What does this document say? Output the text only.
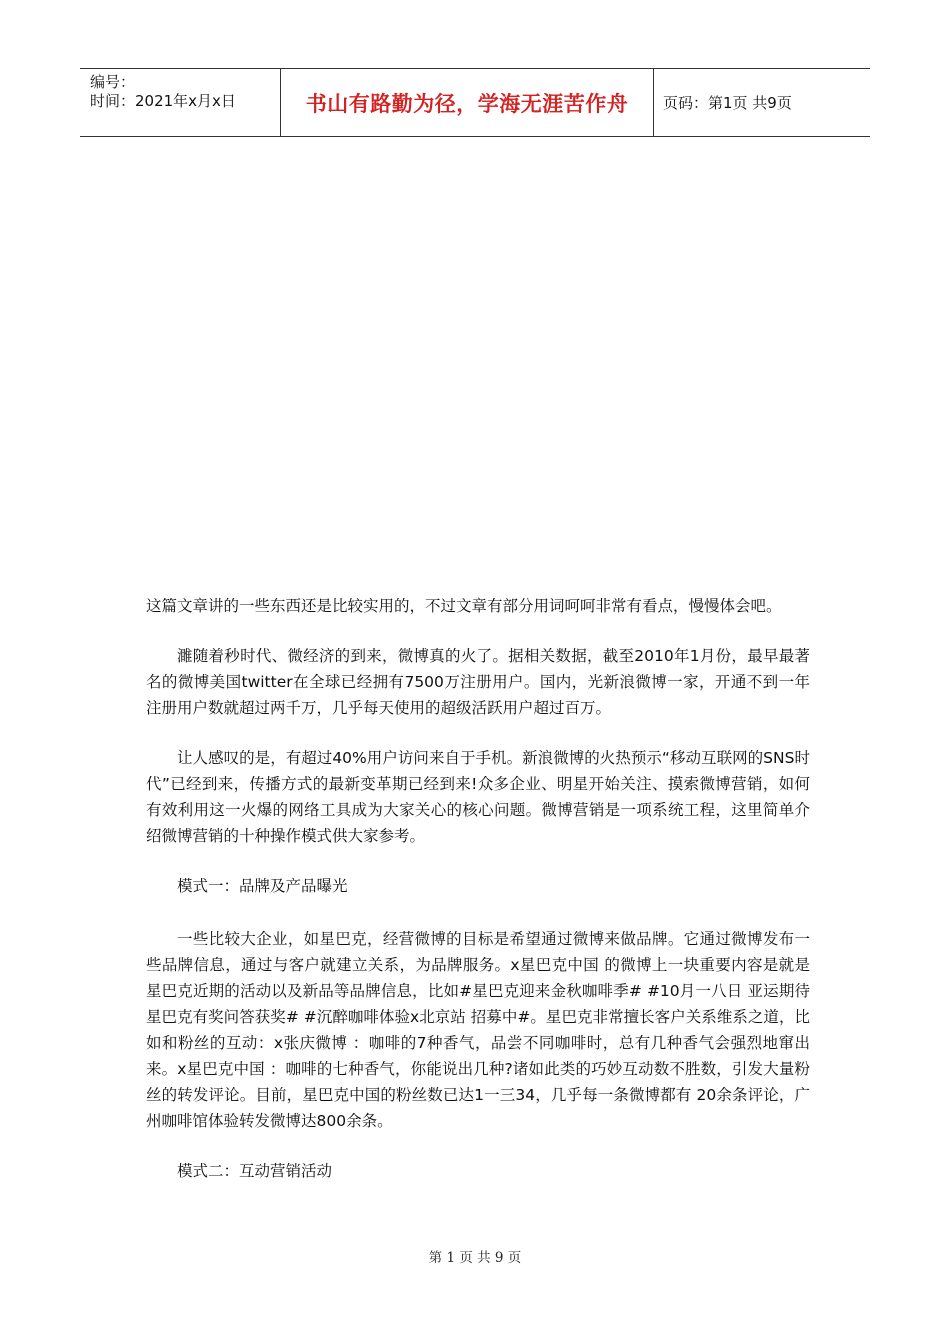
编号：
时间：2021年x月x日	书山有路勤为径，学海无涯苦作舟 页码：第1页 共9页

这篇文章讲的一些东西还是比较实用的，不过文章有部分用词呵呵非常有看点，慢慢体会吧。

濉随着秒时代、微经济的到来，微博真的火了。据相关数据，截至2010年1月份，最早最著名的微博美国twitter在全球已经拥有7500万注册用户。国内，光新浪微博一家，开通不到一年注册用户数就超过两千万，几乎每天使用的超级活跃用户超过百万。

让人感叹的是，有超过40%用户访问来自于手机。新浪微博的火热预示“移动互联网的SNS时代”已经到来，传播方式的最新变革期已经到来!众多企业、明星开始关注、摸索微博营销，如何有效利用这一火爆的网络工具成为大家关心的核心问题。微博营销是一项系统工程，这里简单介绍微博营销的十种操作模式供大家参考。

模式一：品牌及产品曝光

一些比较大企业，如星巴克，经营微博的目标是希望通过微博来做品牌。它通过微博发布一些品牌信息，通过与客户就建立关系，为品牌服务。x星巴克中国 的微博上一块重要内容是就是星巴克近期的活动以及新品等品牌信息，比如#星巴克迎来金秋咖啡季# #10月一八日 亚运期待 星巴克有奖问答获奖# #沉醉咖啡体验x北京站 招募中#。星巴克非常擅长客户关系维系之道，比如和粉丝的互动：x张庆微博 ：咖啡的7种香气，品尝不同咖啡时，总有几种香气会强烈地窜出来。x星巴克中国 ：咖啡的七种香气，你能说出几种?诸如此类的巧妙互动数不胜数，引发大量粉丝的转发评论。目前，星巴克中国的粉丝数已达1一三34，几乎每一条微博都有 20余条评论，广州咖啡馆体验转发微博达800余条。

模式二：互动营销活动

第 1 页 共 9 页
